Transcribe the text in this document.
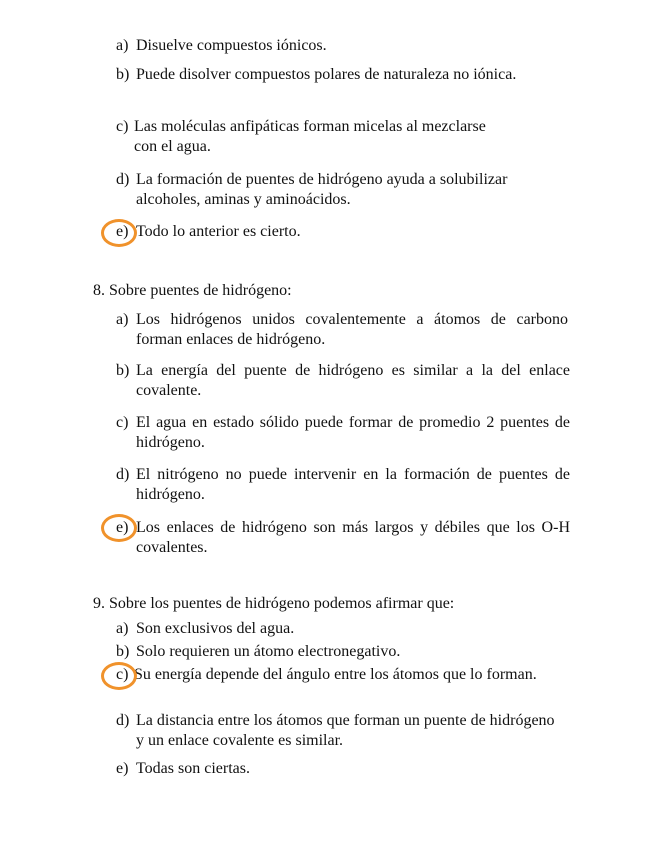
a) Disuelve compuestos iónicos.
b) Puede disolver compuestos polares de naturaleza no iónica.
c) Las moléculas anfipáticas forman micelas al mezclarse con el agua.
d) La formación de puentes de hidrógeno ayuda a solubilizar alcoholes, aminas y aminoácidos.
e) Todo lo anterior es cierto.
8. Sobre puentes de hidrógeno:
a) Los hidrógenos unidos covalentemente a átomos de carbono forman enlaces de hidrógeno.
b) La energía del puente de hidrógeno es similar a la del enlace covalente.
c) El agua en estado sólido puede formar de promedio 2 puentes de hidrógeno.
d) El nitrógeno no puede intervenir en la formación de puentes de hidrógeno.
e) Los enlaces de hidrógeno son más largos y débiles que los O-H covalentes.
9. Sobre los puentes de hidrógeno podemos afirmar que:
a) Son exclusivos del agua.
b) Solo requieren un átomo electronegativo.
c) Su energía depende del ángulo entre los átomos que lo forman.
d) La distancia entre los átomos que forman un puente de hidrógeno y un enlace covalente es similar.
e) Todas son ciertas.
